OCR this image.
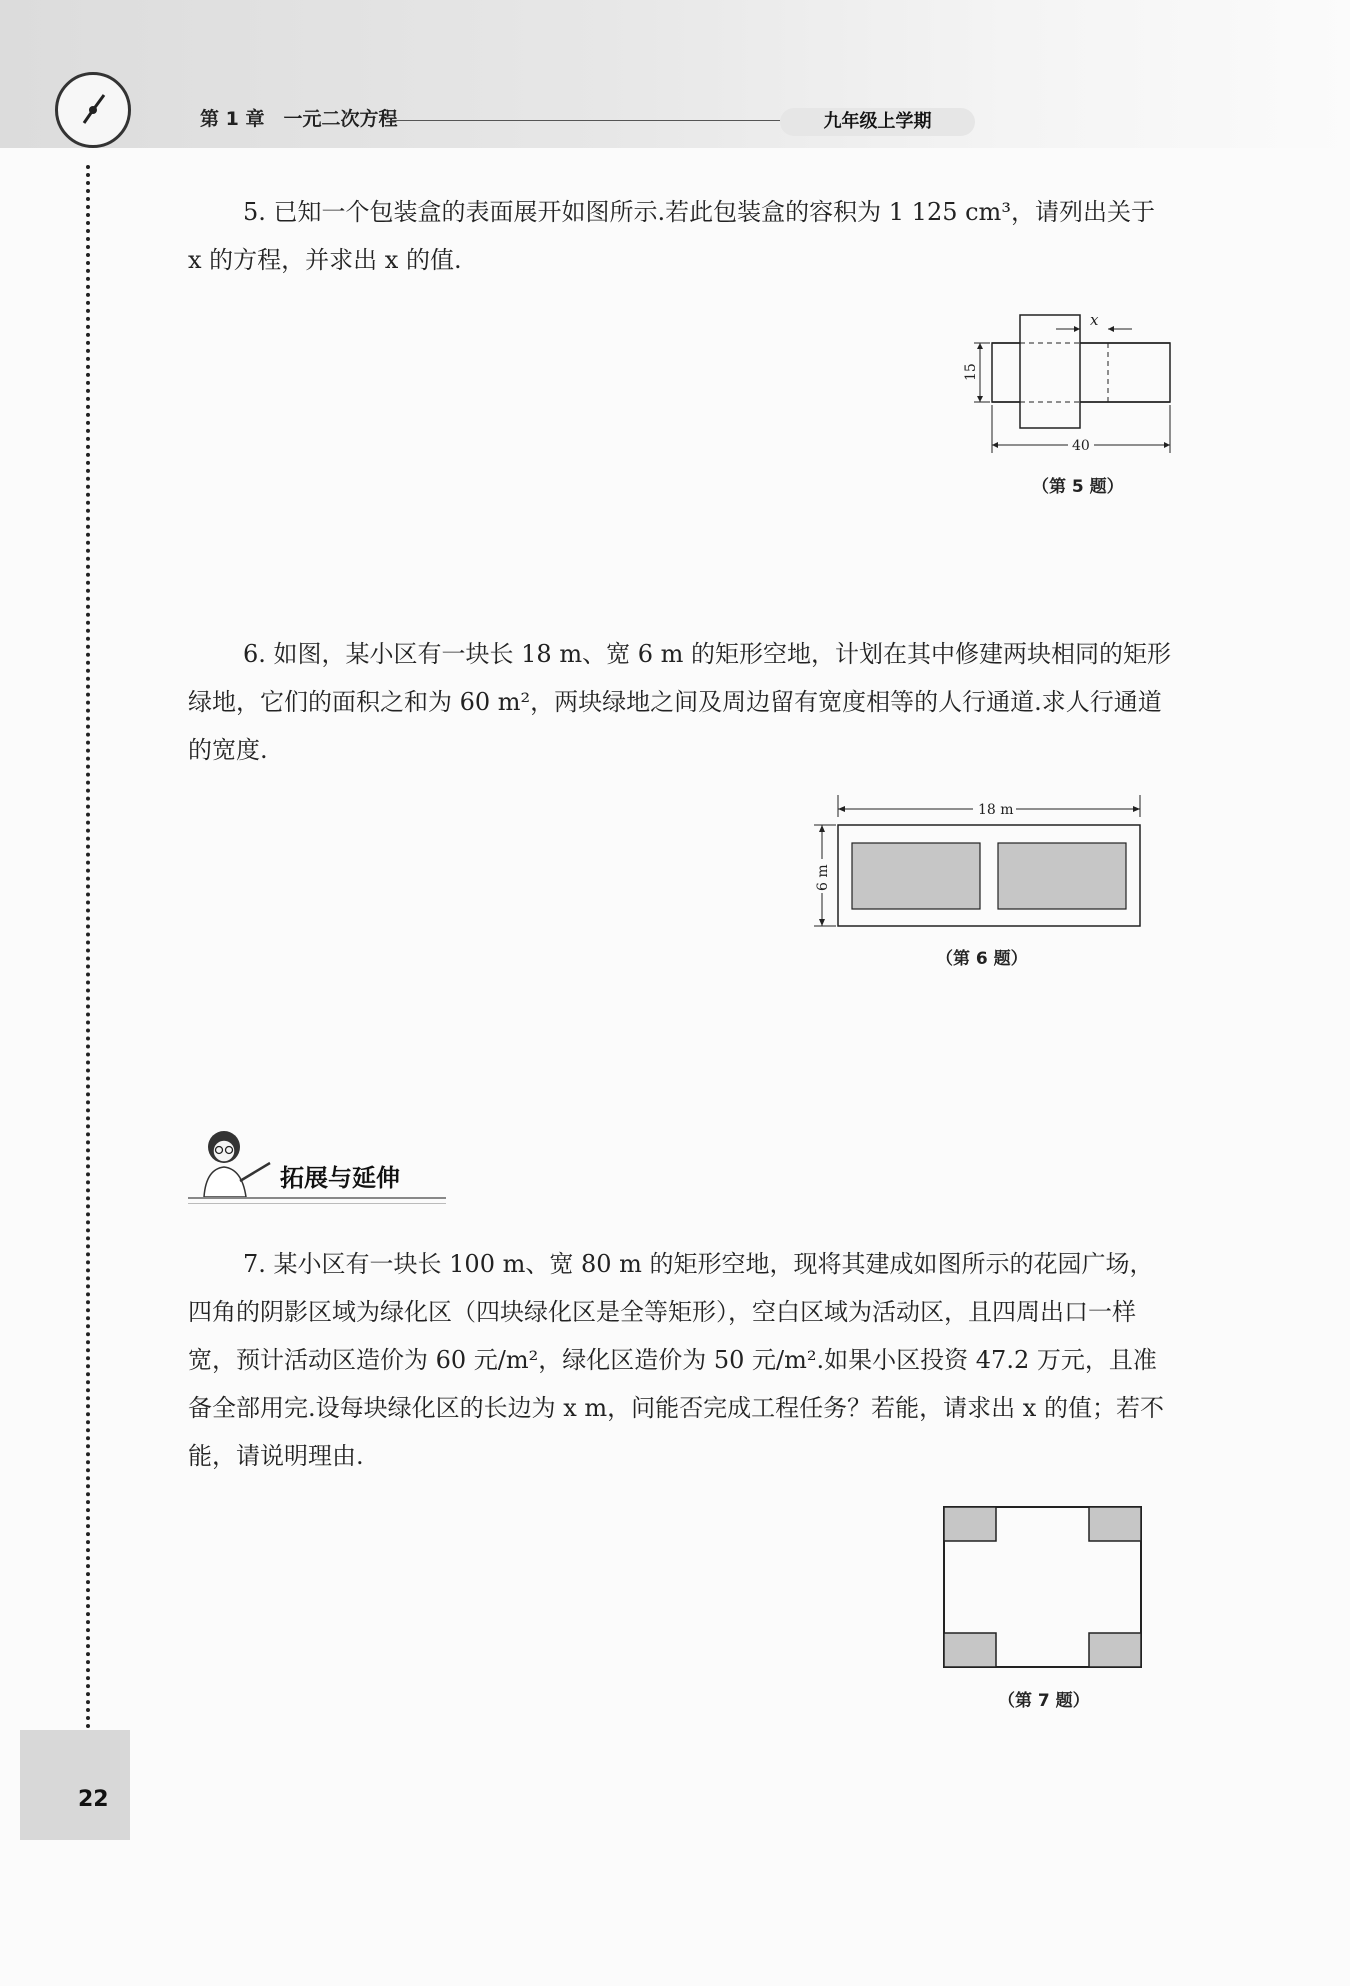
第 1 章　一元二次方程	九年级上学期
5. 已知一个包装盒的表面展开如图所示.若此包装盒的容积为 1 125 cm³，请列出关于 x 的方程，并求出 x 的值.
x
15
40
（第 5 题）
6. 如图，某小区有一块长 18 m、宽 6 m 的矩形空地，计划在其中修建两块相同的矩形绿地，它们的面积之和为 60 m²，两块绿地之间及周边留有宽度相等的人行通道.求人行通道的宽度.
18 m
6 m
（第 6 题）
拓展与延伸
7. 某小区有一块长 100 m、宽 80 m 的矩形空地，现将其建成如图所示的花园广场，四角的阴影区域为绿化区（四块绿化区是全等矩形），空白区域为活动区，且四周出口一样宽，预计活动区造价为 60 元/m²，绿化区造价为 50 元/m².如果小区投资 47.2 万元，且准备全部用完.设每块绿化区的长边为 x m，问能否完成工程任务？若能，请求出 x 的值；若不能，请说明理由.
（第 7 题）
22
